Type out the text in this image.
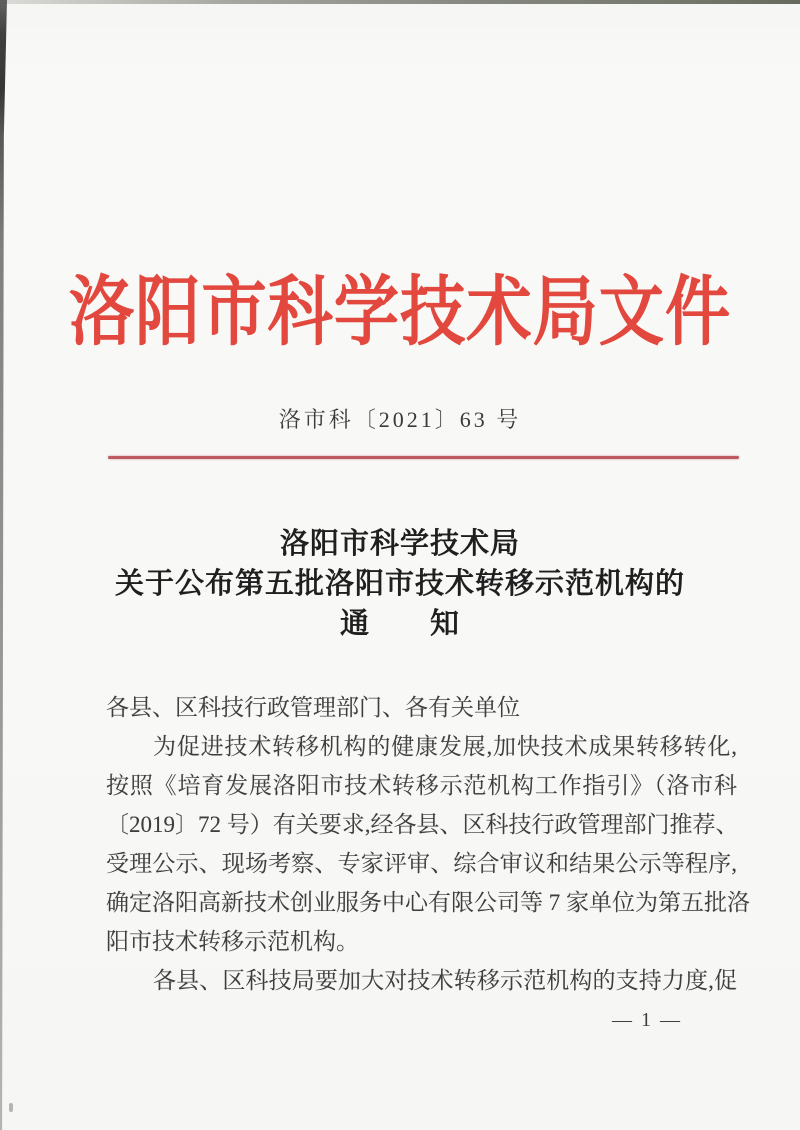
洛阳市科学技术局文件
洛市科〔2021〕63 号
洛阳市科学技术局
关于公布第五批洛阳市技术转移示范机构的
通　　知
各县、区科技行政管理部门、各有关单位
为促进技术转移机构的健康发展,加快技术成果转移转化,
按照《培育发展洛阳市技术转移示范机构工作指引》（洛市科
〔2019〕72 号）有关要求,经各县、区科技行政管理部门推荐、
受理公示、现场考察、专家评审、综合审议和结果公示等程序,
确定洛阳高新技术创业服务中心有限公司等 7 家单位为第五批洛
阳市技术转移示范机构。
各县、区科技局要加大对技术转移示范机构的支持力度,促
— 1 —
